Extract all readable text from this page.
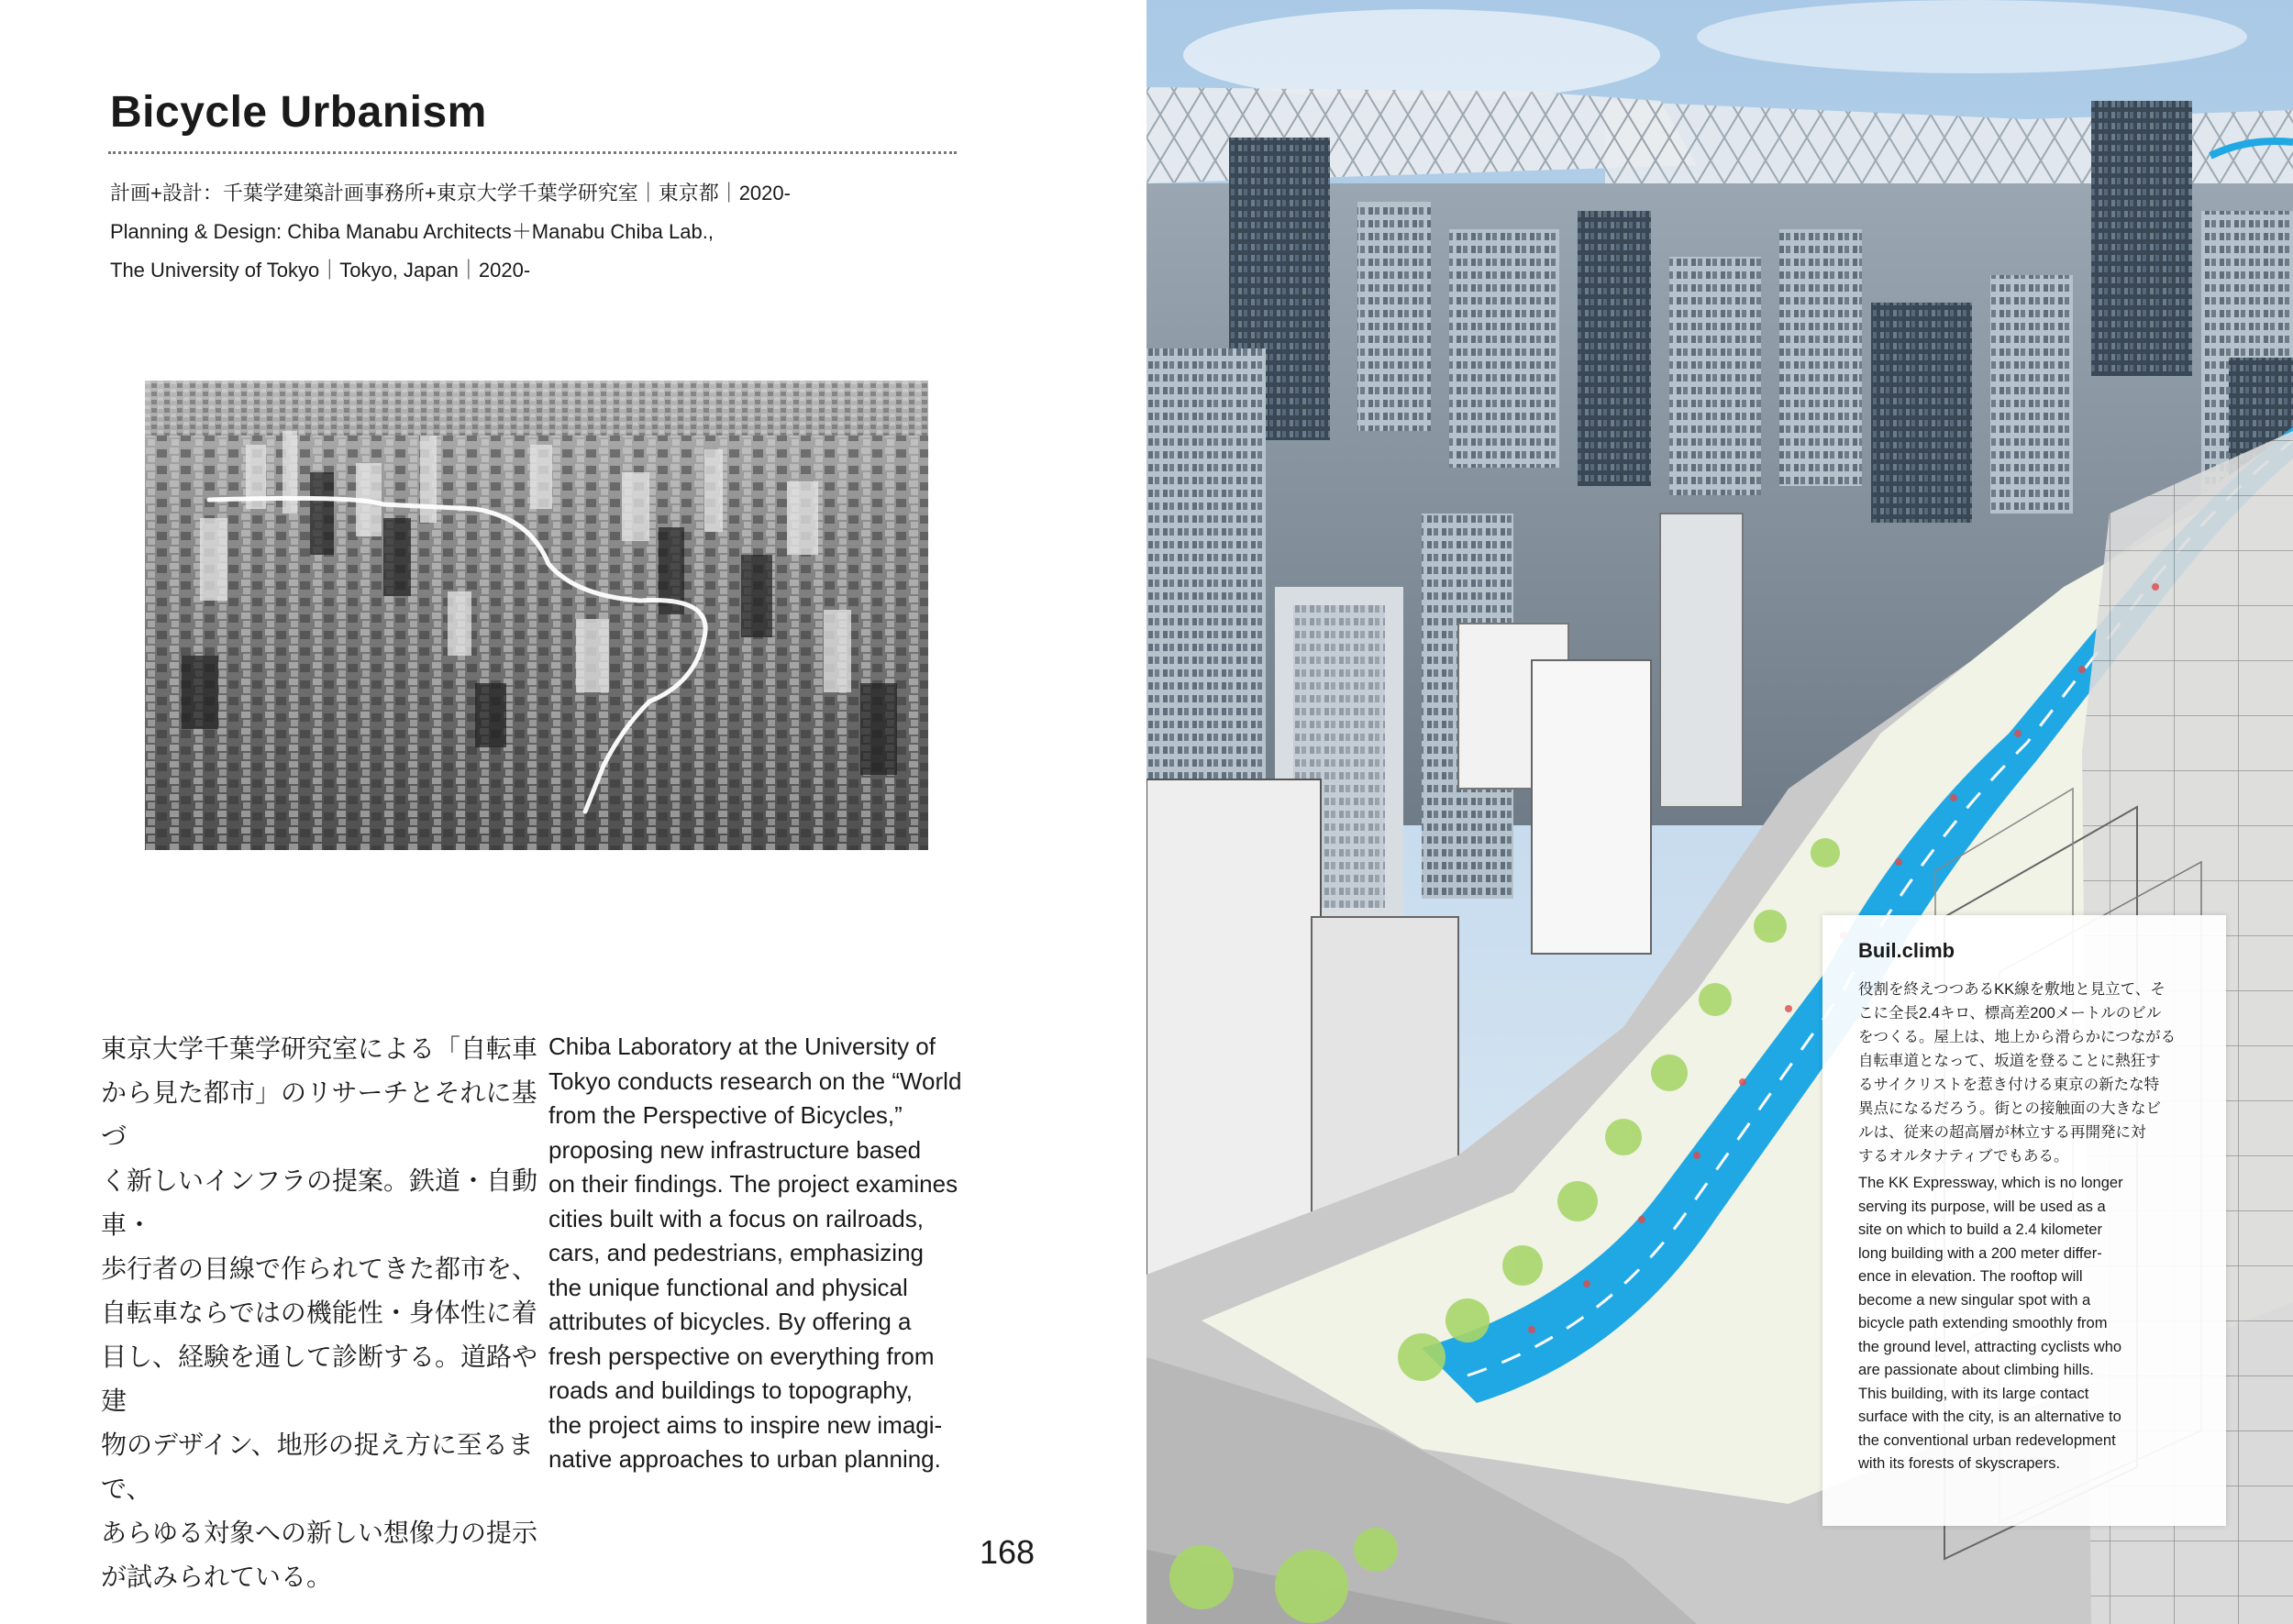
Bicycle Urbanism
計画+設計：千葉学建築計画事務所+東京大学千葉学研究室｜東京都｜2020-
Planning & Design: Chiba Manabu Architects＋Manabu Chiba Lab.,
The University of Tokyo｜Tokyo, Japan｜2020-
東京大学千葉学研究室による「自転車
から見た都市」のリサーチとそれに基づ
く新しいインフラの提案。鉄道・自動車・
歩行者の目線で作られてきた都市を、
自転車ならではの機能性・身体性に着
目し、経験を通して診断する。道路や建
物のデザイン、地形の捉え方に至るまで、
あらゆる対象への新しい想像力の提示
が試みられている。
Chiba Laboratory at the University of
Tokyo conducts research on the “World
from the Perspective of Bicycles,”
proposing new infrastructure based
on their findings. The project examines
cities built with a focus on railroads,
cars, and pedestrians, emphasizing
the unique functional and physical
attributes of bicycles. By offering a
fresh perspective on everything from
roads and buildings to topography,
the project aims to inspire new imagi-
native approaches to urban planning.
168
Buil.climb
役割を終えつつあるKK線を敷地と見立て、そ
こに全長2.4キロ、標高差200メートルのビル
をつくる。屋上は、地上から滑らかにつながる
自転車道となって、坂道を登ることに熱狂す
るサイクリストを惹き付ける東京の新たな特
異点になるだろう。街との接触面の大きなビ
ルは、従来の超高層が林立する再開発に対
するオルタナティブでもある。
The KK Expressway, which is no longer
serving its purpose, will be used as a
site on which to build a 2.4 kilometer
long building with a 200 meter differ-
ence in elevation. The rooftop will
become a new singular spot with a
bicycle path extending smoothly from
the ground level, attracting cyclists who
are passionate about climbing hills.
This building, with its large contact
surface with the city, is an alternative to
the conventional urban redevelopment
with its forests of skyscrapers.
